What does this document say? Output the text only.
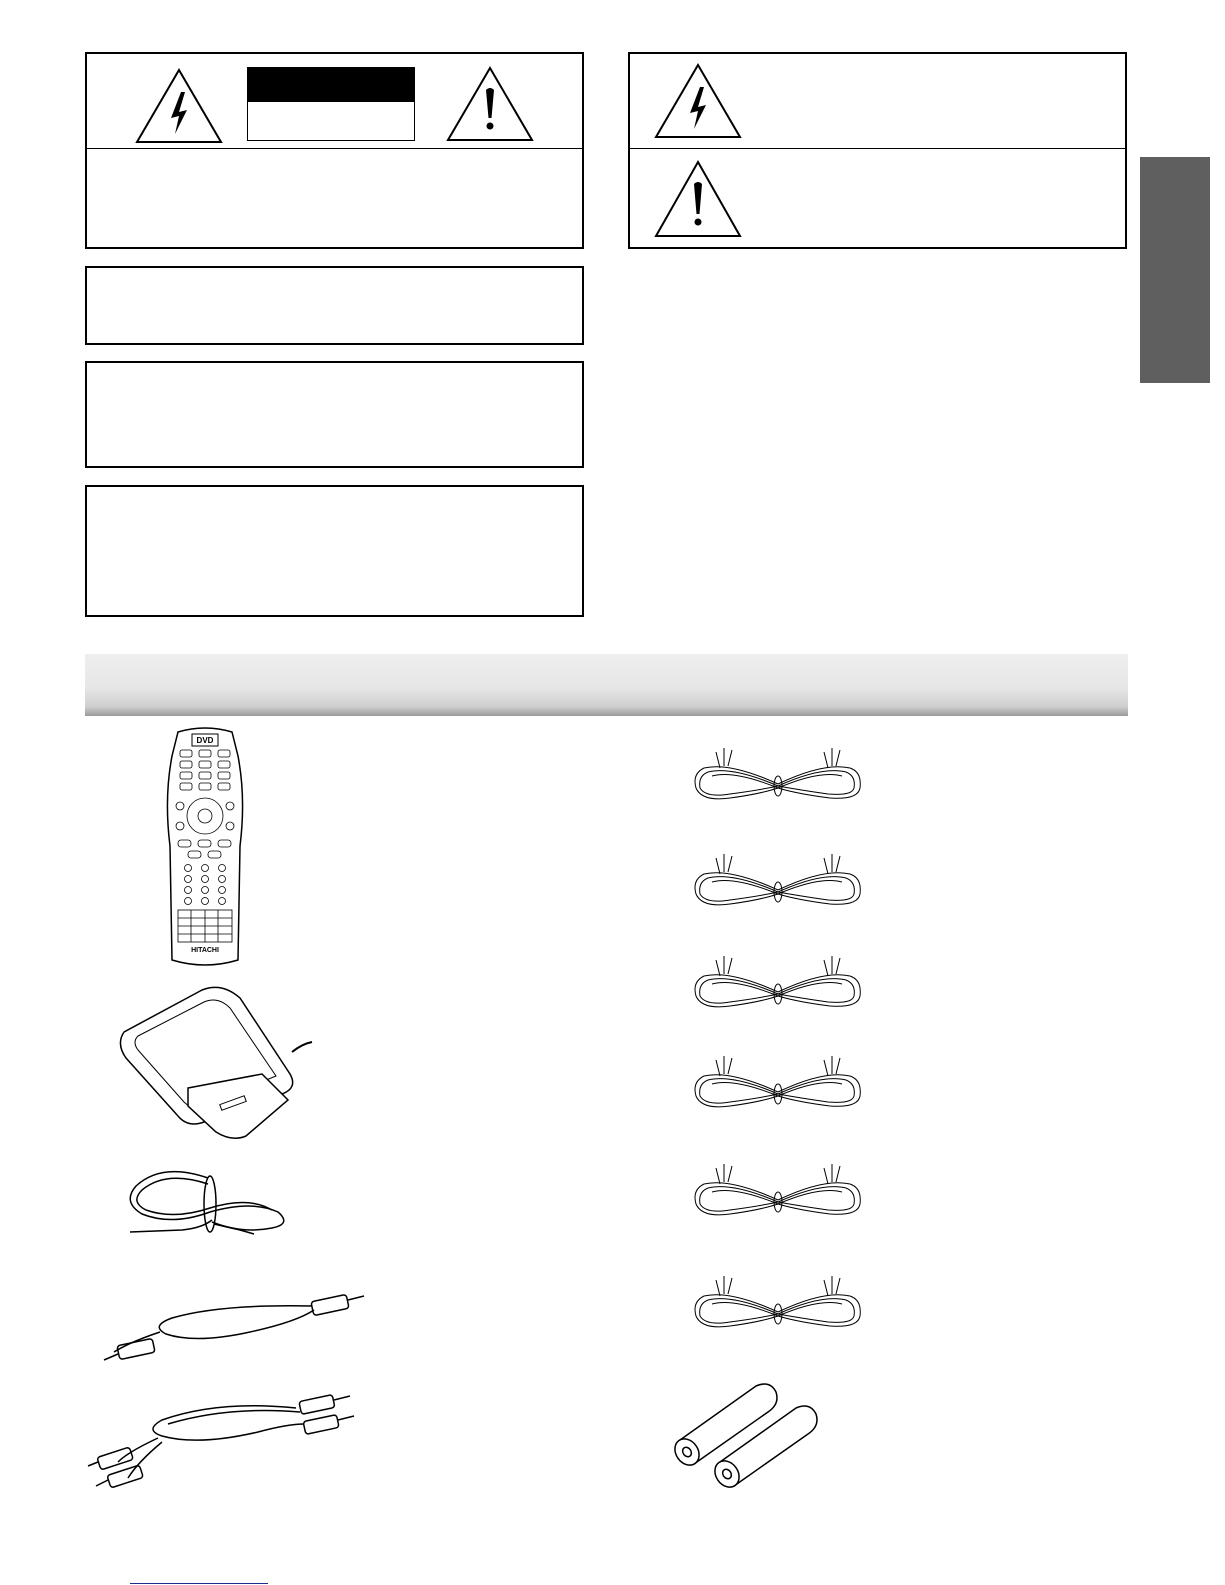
DVD
HITACHI
